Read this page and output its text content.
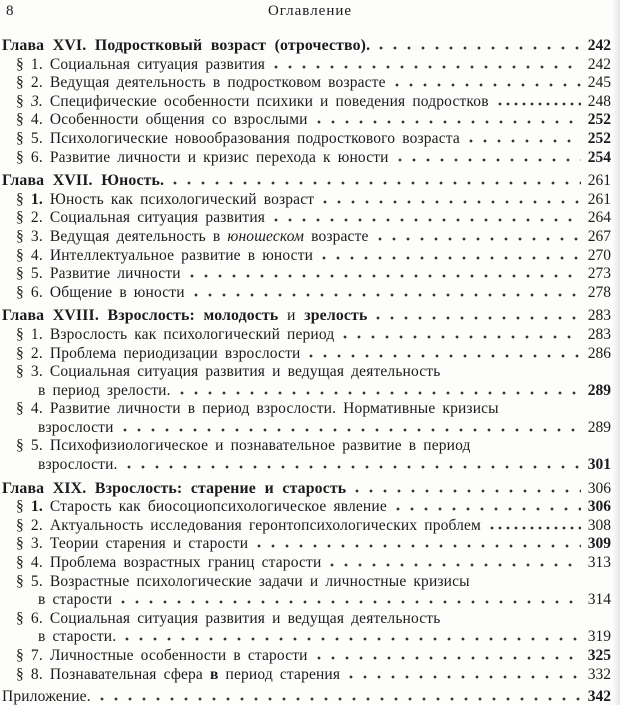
8	Оглавление
Глава XVI. Подростковый возраст (отрочество).	242
§ 1. Социальная ситуация развития	242
§ 2. Ведущая деятельность в подростковом возрасте	245
§ 3. Специфические особенности психики и поведения подростков	248
§ 4. Особенности общения со взрослыми	252
§ 5. Психологические новообразования подросткового возраста	252
§ 6. Развитие личности и кризис перехода к юности	254
Глава XVII. Юность.	261
§ 1. Юность как психологический возраст	261
§ 2. Социальная ситуация развития	264
§ 3. Ведущая деятельность в юношеском возрасте	267
§ 4. Интеллектуальное развитие в юности	270
§ 5. Развитие личности	273
§ 6. Общение в юности	278
Глава XVIII. Взрослость: молодость и зрелость	283
§ 1. Взрослость как психологический период	283
§ 2. Проблема периодизации взрослости	286
§ 3. Социальная ситуация развития и ведущая деятельность
в период зрелости.	289
§ 4. Развитие личности в период взрослости. Нормативные кризисы
взрослости	289
§ 5. Психофизиологическое и познавательное развитие в период
взрослости.	301
Глава XIX. Взрослость: старение и старость	306
§ 1. Старость как биосоциопсихологическое явление	306
§ 2. Актуальность исследования геронтопсихологических проблем	308
§ 3. Теории старения и старости	309
§ 4. Проблема возрастных границ старости	313
§ 5. Возрастные психологические задачи и личностные кризисы
в старости	314
§ 6. Социальная ситуация развития и ведущая деятельность
в старости.	319
§ 7. Личностные особенности в старости	325
§ 8. Познавательная сфера в период старения	332
Приложение.	342
